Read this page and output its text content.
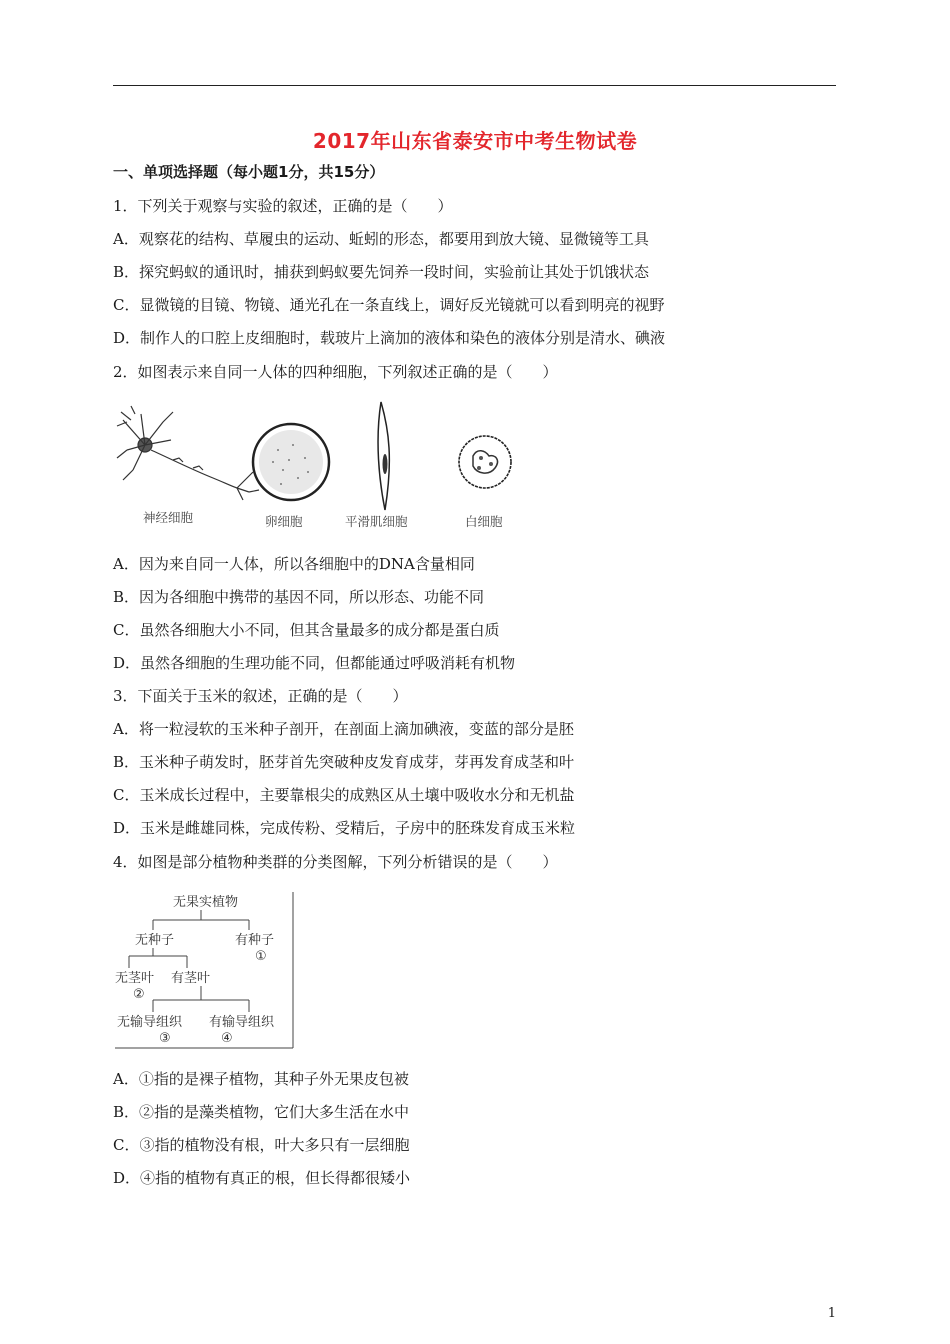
2017年山东省泰安市中考生物试卷
一、单项选择题（每小题1分，共15分）
1．下列关于观察与实验的叙述，正确的是（　　）
A．观察花的结构、草履虫的运动、蚯蚓的形态，都要用到放大镜、显微镜等工具
B．探究蚂蚁的通讯时，捕获到蚂蚁要先饲养一段时间，实验前让其处于饥饿状态
C．显微镜的目镜、物镜、通光孔在一条直线上，调好反光镜就可以看到明亮的视野
D．制作人的口腔上皮细胞时，载玻片上滴加的液体和染色的液体分别是清水、碘液
2．如图表示来自同一人体的四种细胞，下列叙述正确的是（　　）
神经细胞	卵细胞	平滑肌细胞	白细胞
A．因为来自同一人体，所以各细胞中的DNA含量相同
B．因为各细胞中携带的基因不同，所以形态、功能不同
C．虽然各细胞大小不同，但其含量最多的成分都是蛋白质
D．虽然各细胞的生理功能不同，但都能通过呼吸消耗有机物
3．下面关于玉米的叙述，正确的是（　　）
A．将一粒浸软的玉米种子剖开，在剖面上滴加碘液，变蓝的部分是胚
B．玉米种子萌发时，胚芽首先突破种皮发育成芽，芽再发育成茎和叶
C．玉米成长过程中，主要靠根尖的成熟区从土壤中吸收水分和无机盐
D．玉米是雌雄同株，完成传粉、受精后，子房中的胚珠发育成玉米粒
4．如图是部分植物种类群的分类图解，下列分析错误的是（　　）
无果实植物
无种子	有种子
①
无茎叶
②
有茎叶
无输导组织
③
有输导组织
④
A．①指的是裸子植物，其种子外无果皮包被
B．②指的是藻类植物，它们大多生活在水中
C．③指的植物没有根，叶大多只有一层细胞
D．④指的植物有真正的根，但长得都很矮小
1
